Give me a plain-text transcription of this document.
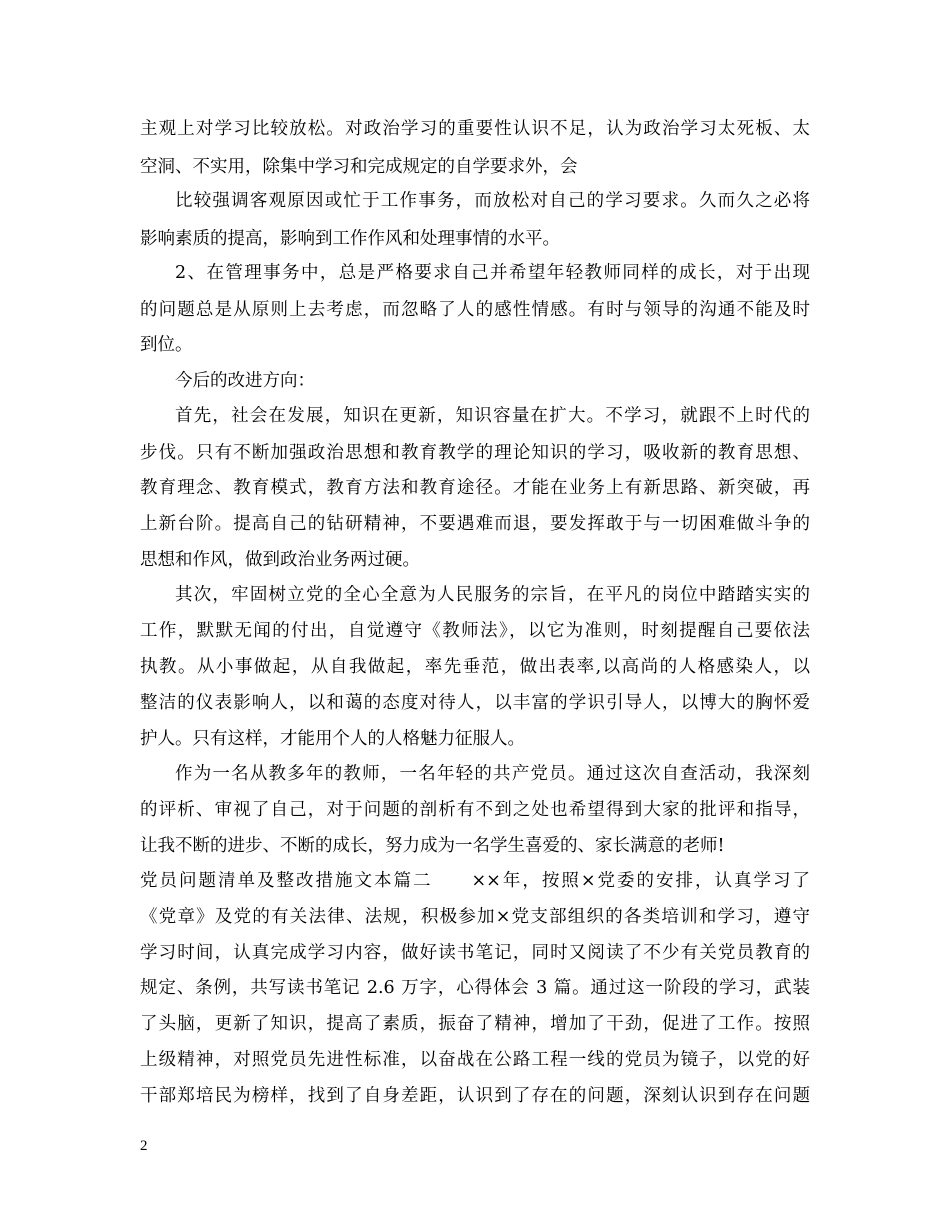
主观上对学习比较放松。对政治学习的重要性认识不足，认为政治学习太死板、太
空洞、不实用，除集中学习和完成规定的自学要求外，会
比较强调客观原因或忙于工作事务，而放松对自己的学习要求。久而久之必将
影响素质的提高，影响到工作作风和处理事情的水平。
2、在管理事务中，总是严格要求自己并希望年轻教师同样的成长，对于出现
的问题总是从原则上去考虑，而忽略了人的感性情感。有时与领导的沟通不能及时
到位。
今后的改进方向：
首先，社会在发展，知识在更新，知识容量在扩大。不学习，就跟不上时代的
步伐。只有不断加强政治思想和教育教学的理论知识的学习，吸收新的教育思想、
教育理念、教育模式，教育方法和教育途径。才能在业务上有新思路、新突破，再
上新台阶。提高自己的钻研精神，不要遇难而退，要发挥敢于与一切困难做斗争的
思想和作风，做到政治业务两过硬。
其次，牢固树立党的全心全意为人民服务的宗旨，在平凡的岗位中踏踏实实的
工作，默默无闻的付出，自觉遵守《教师法》，以它为准则，时刻提醒自己要依法
执教。从小事做起，从自我做起，率先垂范，做出表率,以高尚的人格感染人，以
整洁的仪表影响人，以和蔼的态度对待人，以丰富的学识引导人，以博大的胸怀爱
护人。只有这样，才能用个人的人格魅力征服人。
作为一名从教多年的教师，一名年轻的共产党员。通过这次自查活动，我深刻
的评析、审视了自己，对于问题的剖析有不到之处也希望得到大家的批评和指导，
让我不断的进步、不断的成长，努力成为一名学生喜爱的、家长满意的老师!
党员问题清单及整改措施文本篇二　　××年，按照×党委的安排，认真学习了
《党章》及党的有关法律、法规，积极参加×党支部组织的各类培训和学习，遵守
学习时间，认真完成学习内容，做好读书笔记，同时又阅读了不少有关党员教育的
规定、条例，共写读书笔记 2.6 万字，心得体会 3 篇。通过这一阶段的学习，武装
了头脑，更新了知识，提高了素质，振奋了精神，增加了干劲，促进了工作。按照
上级精神，对照党员先进性标准，以奋战在公路工程一线的党员为镜子，以党的好
干部郑培民为榜样，找到了自身差距，认识到了存在的问题，深刻认识到存在问题
2
